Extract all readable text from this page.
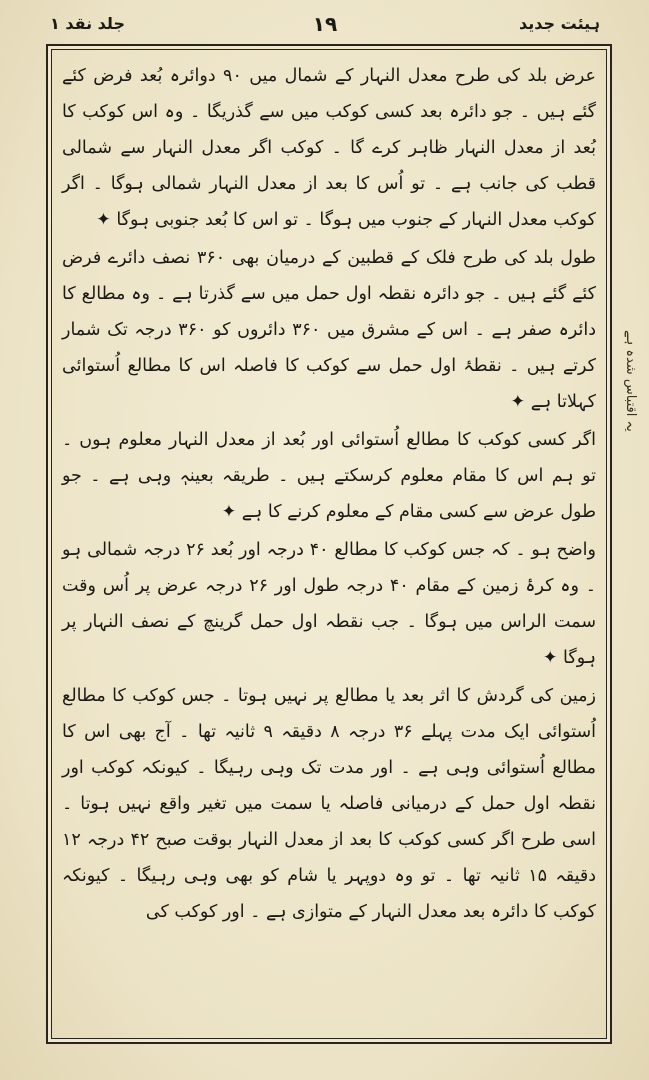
جلد نقد ١	١٩	ہیئت جدید

عرض بلد کی طرح معدل النہار کے شمال میں ۹۰ دوائرہ بُعد فرض کئے گئے ہیں ۔ جو دائرہ بعد کسی کوکب میں سے گذریگا ۔ وہ اس کوکب کا بُعد از معدل النہار ظاہر کرے گا ۔ کوکب اگر معدل النہار سے شمالی قطب کی جانب ہے ۔ تو اُس کا بعد از معدل النہار شمالی ہوگا ۔ اگر کوکب معدل النہار کے جنوب میں ہوگا ۔ تو اس کا بُعد جنوبی ہوگا ✦

طول بلد کی طرح فلک کے قطبین کے درمیان بھی ۳۶۰ نصف دائرے فرض کئے گئے ہیں ۔ جو دائرہ نقطہ اول حمل میں سے گذرتا ہے ۔ وہ مطالع کا دائرہ صفر ہے ۔ اس کے مشرق میں ۳۶۰ دائروں کو ۳۶۰ درجہ تک شمار کرتے ہیں ۔ نقطۂ اول حمل سے کوکب کا فاصلہ اس کا مطالع اُستوائی کہلاتا ہے ✦

اگر کسی کوکب کا مطالع اُستوائی اور بُعد از معدل النہار معلوم ہوں ۔ تو ہم اس کا مقام معلوم کرسکتے ہیں ۔ طریقہ بعینہٖ وہی ہے ۔ جو طول عرض سے کسی مقام کے معلوم کرنے کا ہے ✦

واضح ہو ۔ کہ جس کوکب کا مطالع ۴۰ درجہ اور بُعد ۲۶ درجہ شمالی ہو ۔ وہ کرۂ زمین کے مقام ۴۰ درجہ طول اور ۲۶ درجہ عرض پر اُس وقت سمت الراس میں ہوگا ۔ جب نقطہ اول حمل گرینچ کے نصف النہار پر ہوگا ✦

زمین کی گردش کا اثر بعد یا مطالع پر نہیں ہوتا ۔ جس کوکب کا مطالع اُستوائی ایک مدت پہلے ۳۶ درجہ ۸ دقیقہ ۹ ثانیہ تھا ۔ آج بھی اس کا مطالع اُستوائی وہی ہے ۔ اور مدت تک وہی رہیگا ۔ کیونکہ کوکب اور نقطہ اول حمل کے درمیانی فاصلہ یا سمت میں تغیر واقع نہیں ہوتا ۔ اسی طرح اگر کسی کوکب کا بعد از معدل النہار بوقت صبح ۴۲ درجہ ۱۲ دقیقہ ۱۵ ثانیہ تھا ۔ تو وہ دوپہر یا شام کو بھی وہی رہیگا ۔ کیونکہ کوکب کا دائرہ بعد معدل النہار کے متوازی ہے ۔ اور کوکب کی

یہ اقتباس شدہ ہے
